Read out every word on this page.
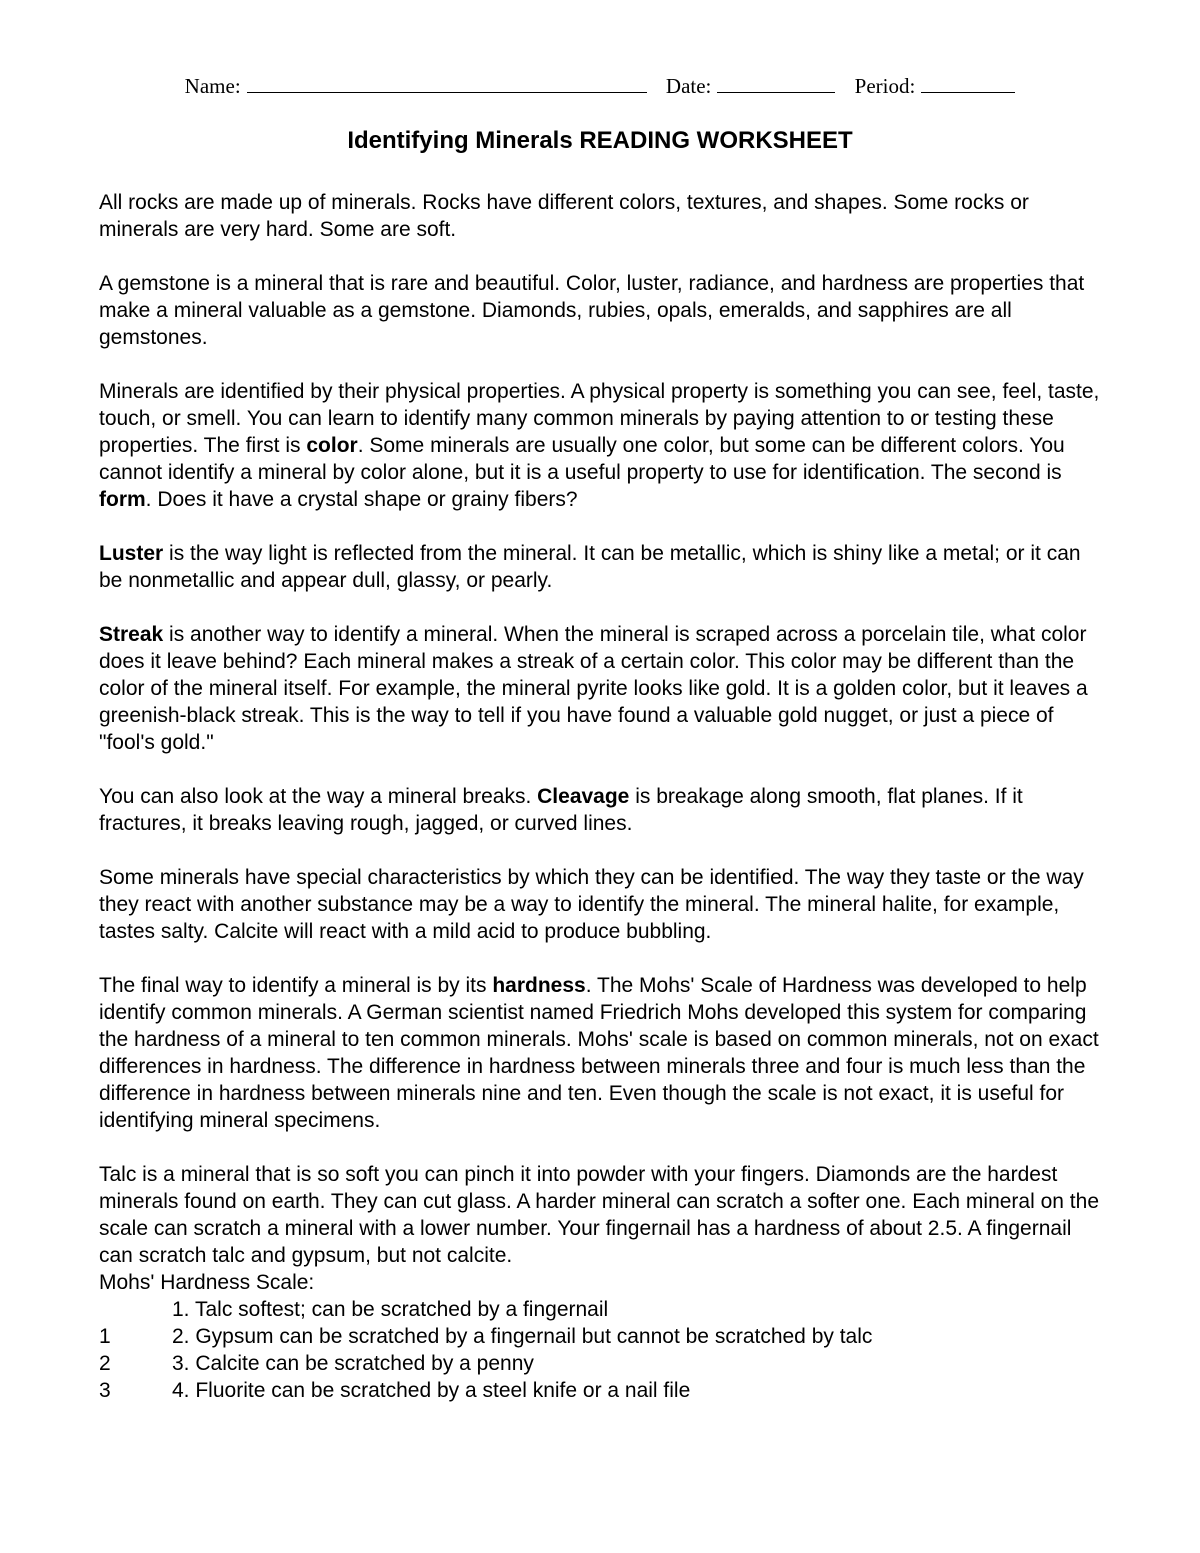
Name:	Date:	Period:
Identifying Minerals READING WORKSHEET

All rocks are made up of minerals. Rocks have different colors, textures, and shapes. Some rocks or minerals are very hard. Some are soft.

A gemstone is a mineral that is rare and beautiful. Color, luster, radiance, and hardness are properties that make a mineral valuable as a gemstone. Diamonds, rubies, opals, emeralds, and sapphires are all gemstones.

Minerals are identified by their physical properties. A physical property is something you can see, feel, taste, touch, or smell. You can learn to identify many common minerals by paying attention to or testing these properties. The first is color. Some minerals are usually one color, but some can be different colors. You cannot identify a mineral by color alone, but it is a useful property to use for identification. The second is form. Does it have a crystal shape or grainy fibers?

Luster is the way light is reflected from the mineral. It can be metallic, which is shiny like a metal; or it can be nonmetallic and appear dull, glassy, or pearly.

Streak is another way to identify a mineral. When the mineral is scraped across a porcelain tile, what color does it leave behind? Each mineral makes a streak of a certain color. This color may be different than the color of the mineral itself. For example, the mineral pyrite looks like gold. It is a golden color, but it leaves a greenish-black streak. This is the way to tell if you have found a valuable gold nugget, or just a piece of "fool's gold."

You can also look at the way a mineral breaks. Cleavage is breakage along smooth, flat planes. If it fractures, it breaks leaving rough, jagged, or curved lines.

Some minerals have special characteristics by which they can be identified. The way they taste or the way they react with another substance may be a way to identify the mineral. The mineral halite, for example, tastes salty. Calcite will react with a mild acid to produce bubbling.

The final way to identify a mineral is by its hardness. The Mohs' Scale of Hardness was developed to help identify common minerals. A German scientist named Friedrich Mohs developed this system for comparing the hardness of a mineral to ten common minerals. Mohs' scale is based on common minerals, not on exact differences in hardness. The difference in hardness between minerals three and four is much less than the difference in hardness between minerals nine and ten. Even though the scale is not exact, it is useful for identifying mineral specimens.

Talc is a mineral that is so soft you can pinch it into powder with your fingers. Diamonds are the hardest minerals found on earth. They can cut glass. A harder mineral can scratch a softer one. Each mineral on the scale can scratch a mineral with a lower number. Your fingernail has a hardness of about 2.5. A fingernail can scratch talc and gypsum, but not calcite.

Mohs' Hardness Scale:
1. Talc softest; can be scratched by a fingernail
1	2. Gypsum can be scratched by a fingernail but cannot be scratched by talc
2	3. Calcite can be scratched by a penny
3	4. Fluorite can be scratched by a steel knife or a nail file
